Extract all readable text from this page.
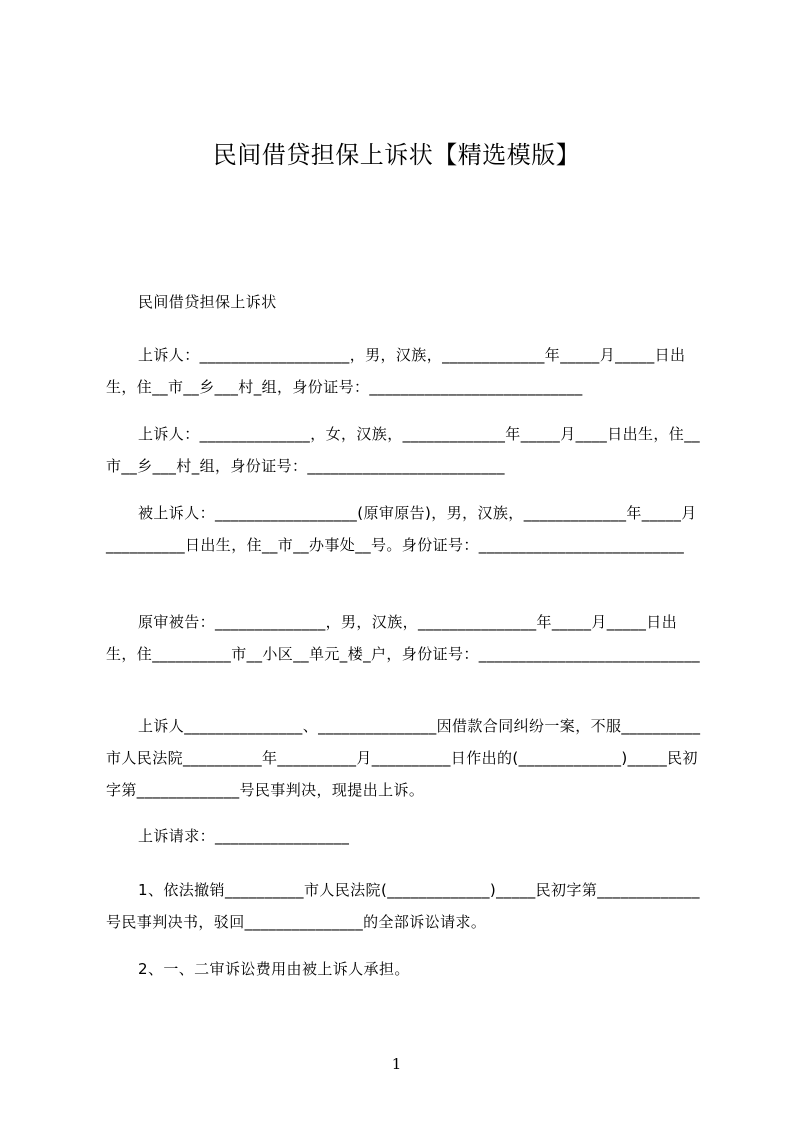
民间借贷担保上诉状【精选模版】

民间借贷担保上诉状

上诉人：___________________，男，汉族，_____________年_____月_____日出生，住__市__乡___村_组，身份证号：___________________________

上诉人：______________，女，汉族，_____________年_____月____日出生，住__市__乡___村_组，身份证号：_________________________

被上诉人：__________________(原审原告)，男，汉族，_____________年_____月__________日出生，住__市__办事处__号。身份证号：__________________________

原审被告：______________，男，汉族，_______________年_____月_____日出生，住__________市__小区__单元_楼_户，身份证号：____________________________

上诉人_______________、_______________因借款合同纠纷一案，不服__________市人民法院__________年__________月__________日作出的(_____________)_____民初字第_____________号民事判决，现提出上诉。

上诉请求：_________________

1、依法撤销__________市人民法院(_____________)_____民初字第_____________号民事判决书，驳回_______________的全部诉讼请求。

2、一、二审诉讼费用由被上诉人承担。

1
